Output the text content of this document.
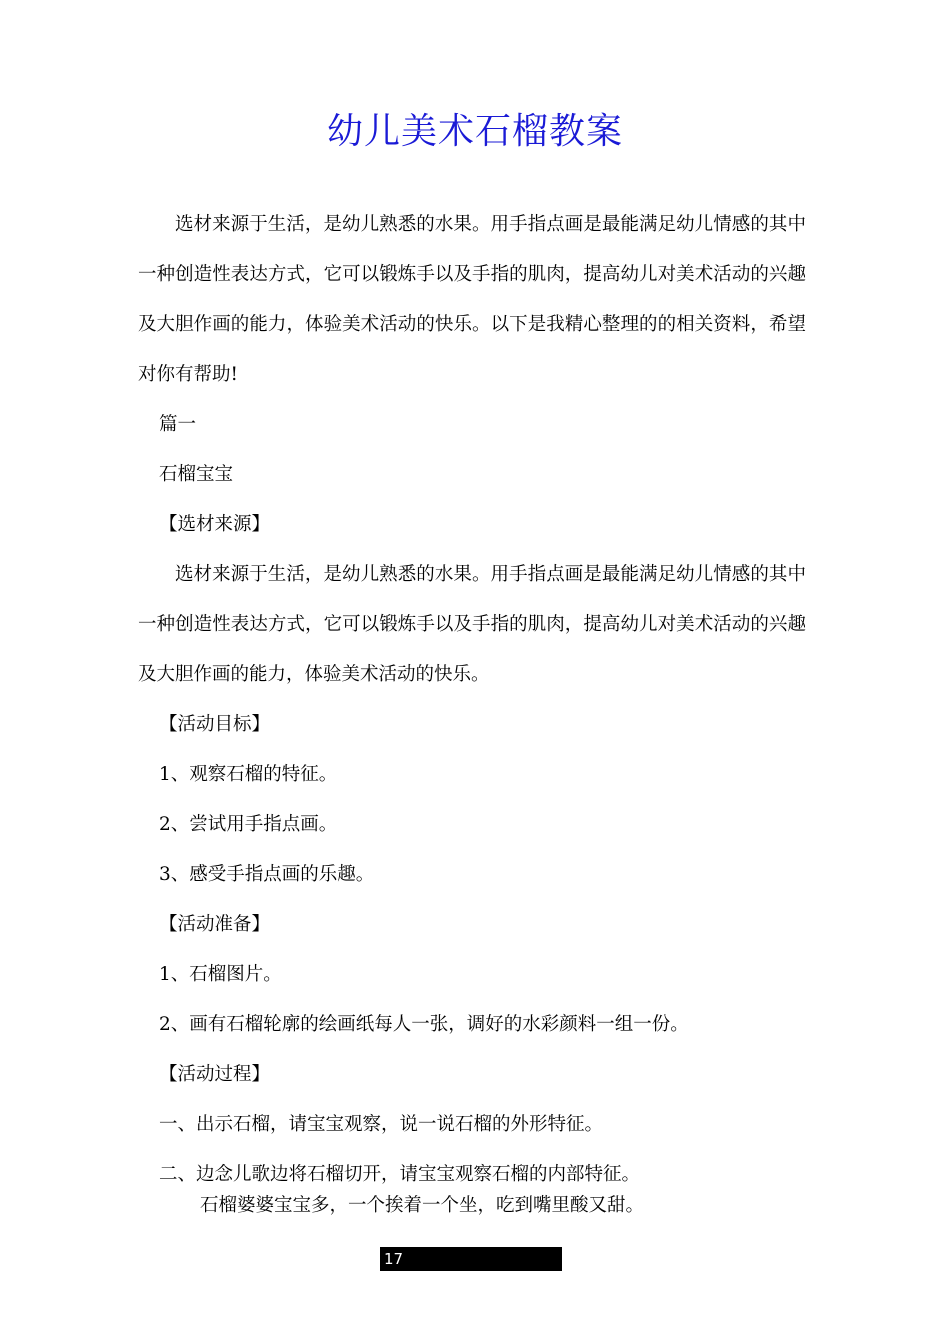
幼儿美术石榴教案

选材来源于生活，是幼儿熟悉的水果。用手指点画是最能满足幼儿情感的其中一种创造性表达方式，它可以锻炼手以及手指的肌肉，提高幼儿对美术活动的兴趣及大胆作画的能力，体验美术活动的快乐。以下是我精心整理的的相关资料，希望对你有帮助!

篇一

石榴宝宝

【选材来源】

选材来源于生活，是幼儿熟悉的水果。用手指点画是最能满足幼儿情感的其中一种创造性表达方式，它可以锻炼手以及手指的肌肉，提高幼儿对美术活动的兴趣及大胆作画的能力，体验美术活动的快乐。

【活动目标】

1、观察石榴的特征。

2、尝试用手指点画。

3、感受手指点画的乐趣。

【活动准备】

1、石榴图片。

2、画有石榴轮廓的绘画纸每人一张，调好的水彩颜料一组一份。

【活动过程】

一、出示石榴，请宝宝观察，说一说石榴的外形特征。

二、边念儿歌边将石榴切开，请宝宝观察石榴的内部特征。

石榴婆婆宝宝多，一个挨着一个坐，吃到嘴里酸又甜。

17
